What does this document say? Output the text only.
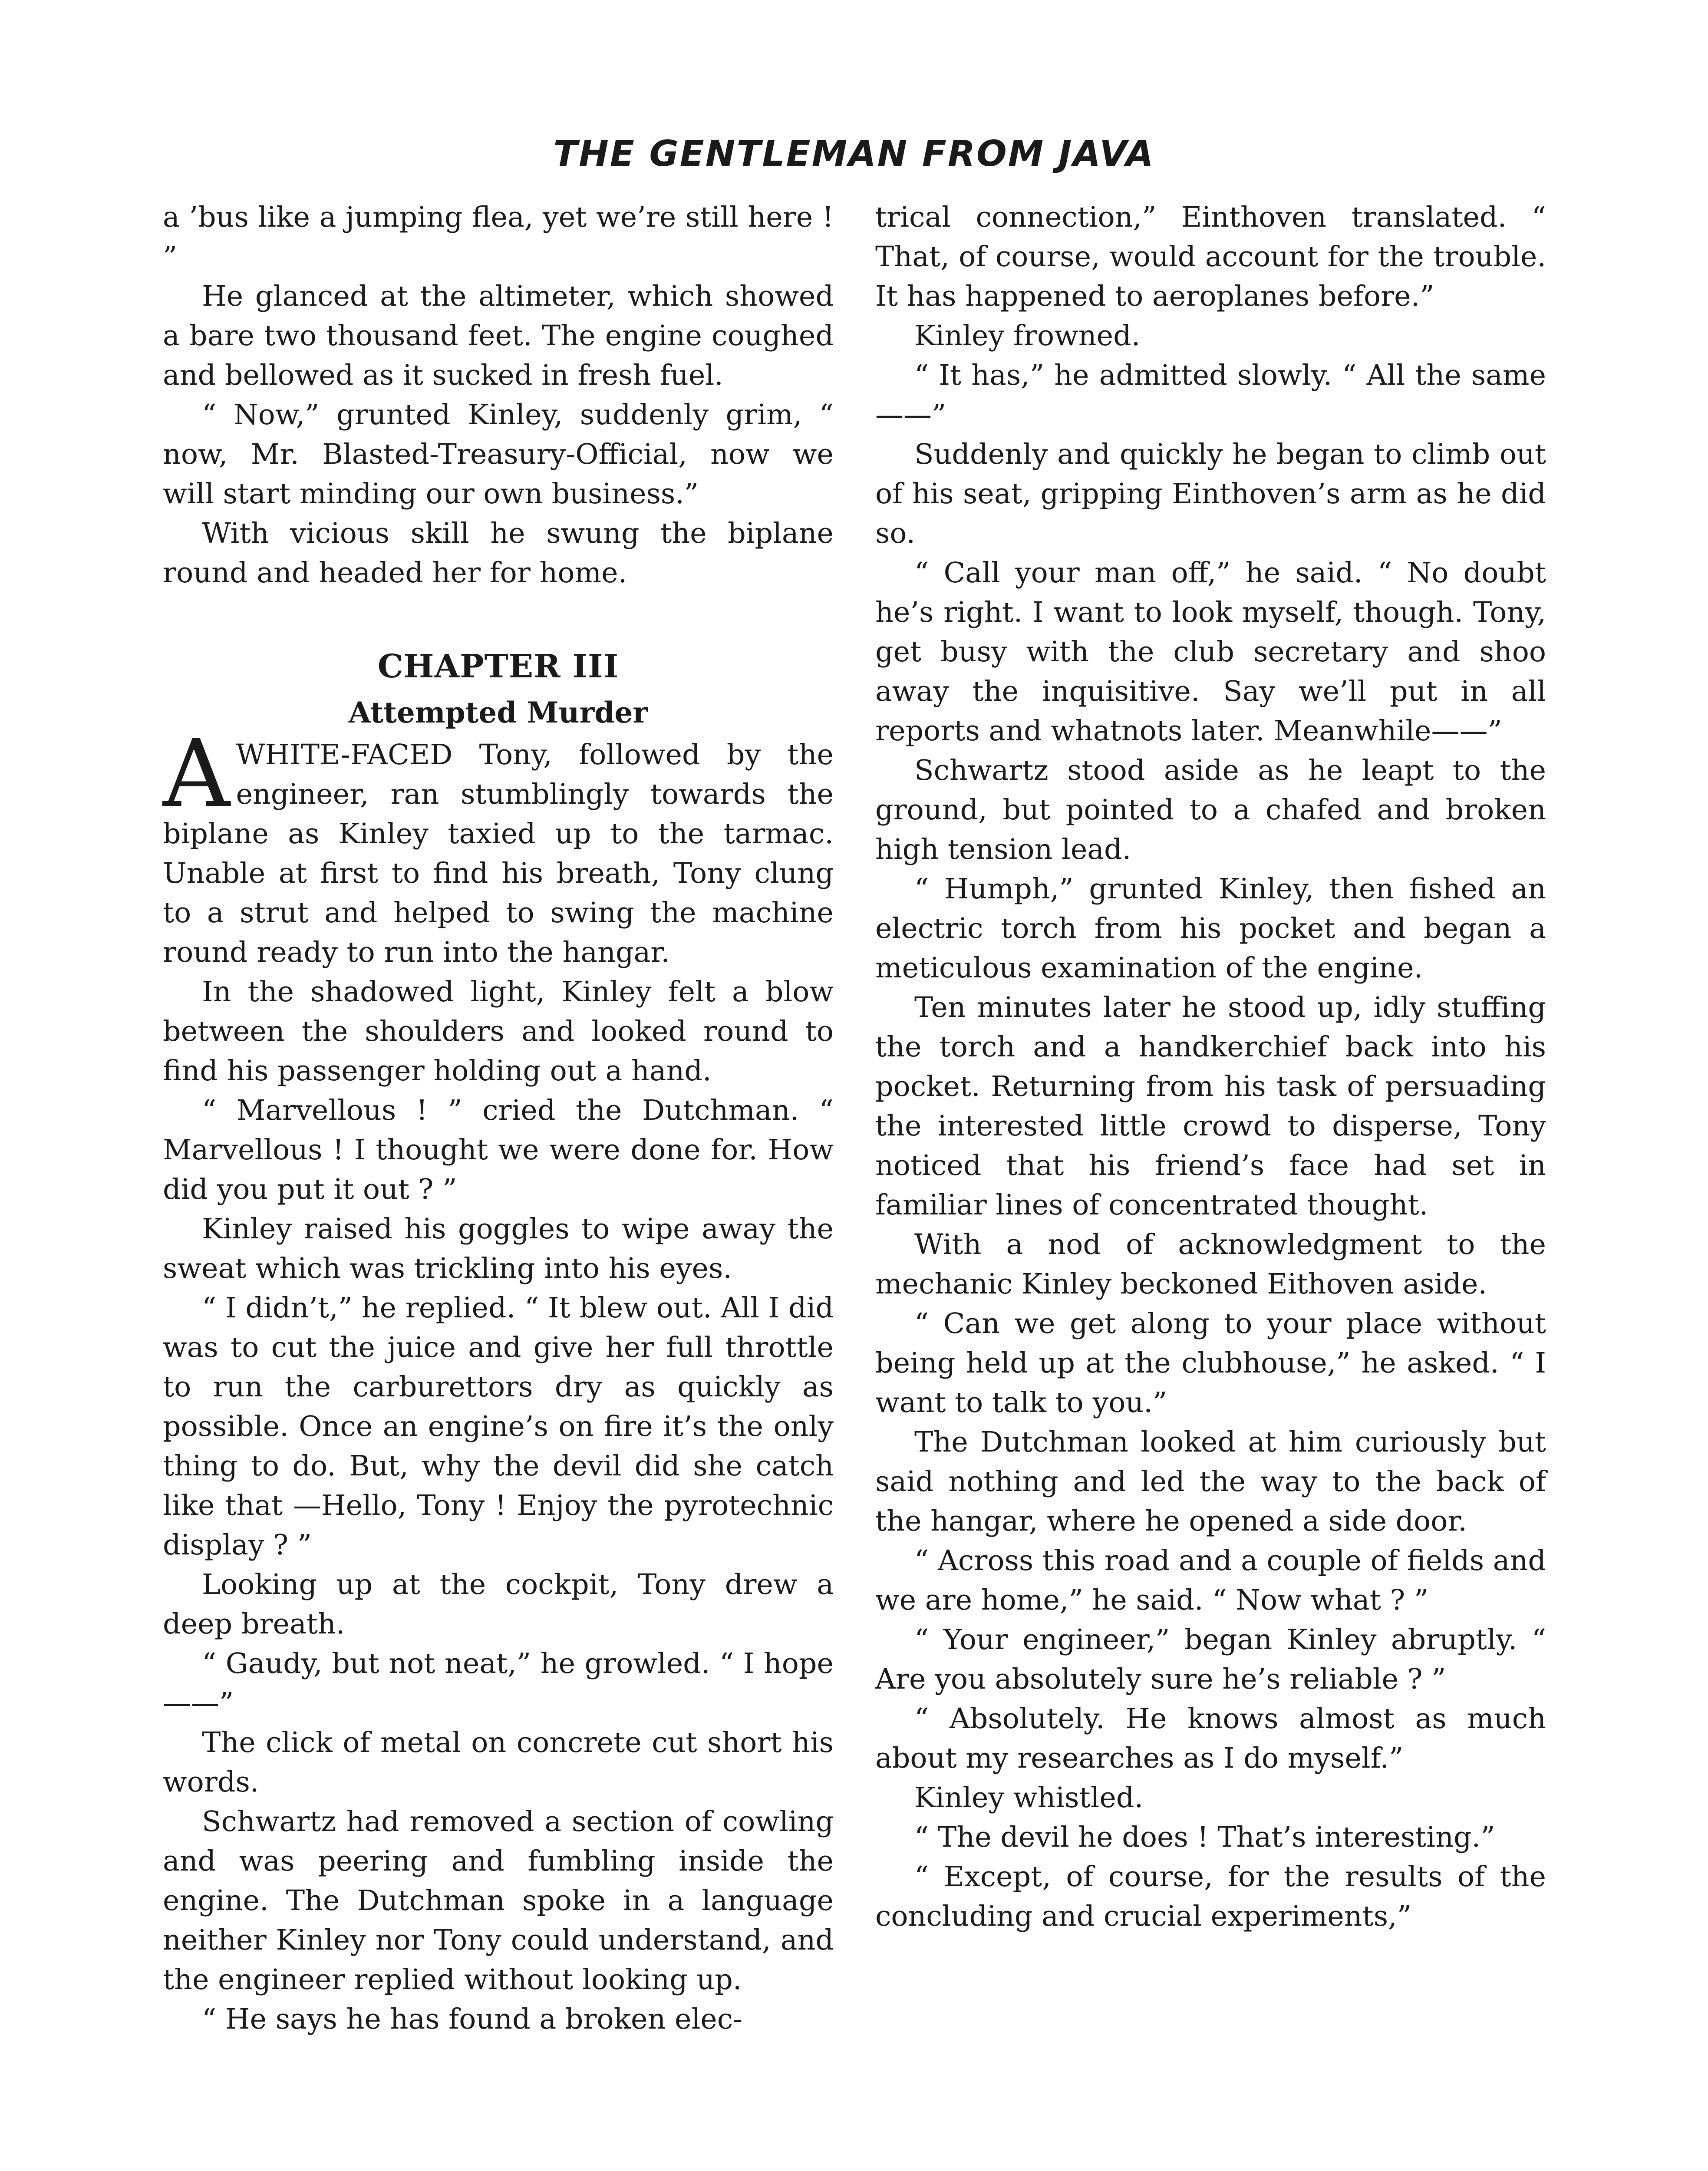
THE GENTLEMAN FROM JAVA

a ’bus like a jumping flea, yet we’re still here ! ”

He glanced at the altimeter, which showed a bare two thousand feet. The engine coughed and bellowed as it sucked in fresh fuel.

“ Now,” grunted Kinley, suddenly grim, “ now, Mr. Blasted-Treasury-Official, now we will start minding our own business.”

With vicious skill he swung the biplane round and headed her for home.

CHAPTER III
Attempted Murder

AWHITE-FACED Tony, followed by the engineer, ran stumblingly towards the biplane as Kinley taxied up to the tarmac. Unable at first to find his breath, Tony clung to a strut and helped to swing the machine round ready to run into the hangar.

In the shadowed light, Kinley felt a blow between the shoulders and looked round to find his passenger holding out a hand.

“ Marvellous ! ” cried the Dutchman. “ Marvellous ! I thought we were done for. How did you put it out ? ”

Kinley raised his goggles to wipe away the sweat which was trickling into his eyes.

“ I didn’t,” he replied. “ It blew out. All I did was to cut the juice and give her full throttle to run the carburettors dry as quickly as possible. Once an engine’s on fire it’s the only thing to do. But, why the devil did she catch like that —Hello, Tony ! Enjoy the pyrotechnic display ? ”

Looking up at the cockpit, Tony drew a deep breath.

“ Gaudy, but not neat,” he growled. “ I hope——”

The click of metal on concrete cut short his words.

Schwartz had removed a section of cowling and was peering and fumbling inside the engine. The Dutchman spoke in a language neither Kinley nor Tony could understand, and the engineer replied without looking up.

“ He says he has found a broken elec-

trical connection,” Einthoven translated. “ That, of course, would account for the trouble. It has happened to aeroplanes before.”

Kinley frowned.

“ It has,” he admitted slowly. “ All the same——”

Suddenly and quickly he began to climb out of his seat, gripping Einthoven’s arm as he did so.

“ Call your man off,” he said. “ No doubt he’s right. I want to look myself, though. Tony, get busy with the club secretary and shoo away the inquisitive. Say we’ll put in all reports and whatnots later. Meanwhile——”

Schwartz stood aside as he leapt to the ground, but pointed to a chafed and broken high tension lead.

“ Humph,” grunted Kinley, then fished an electric torch from his pocket and began a meticulous examination of the engine.

Ten minutes later he stood up, idly stuffing the torch and a handkerchief back into his pocket. Returning from his task of persuading the interested little crowd to disperse, Tony noticed that his friend’s face had set in familiar lines of concentrated thought.

With a nod of acknowledgment to the mechanic Kinley beckoned Eithoven aside.

“ Can we get along to your place without being held up at the clubhouse,” he asked. “ I want to talk to you.”

The Dutchman looked at him curiously but said nothing and led the way to the back of the hangar, where he opened a side door.

“ Across this road and a couple of fields and we are home,” he said. “ Now what ? ”

“ Your engineer,” began Kinley abruptly. “ Are you absolutely sure he’s reliable ? ”

“ Absolutely. He knows almost as much about my researches as I do myself.”

Kinley whistled.

“ The devil he does ! That’s interesting.”

“ Except, of course, for the results of the concluding and crucial experiments,”
